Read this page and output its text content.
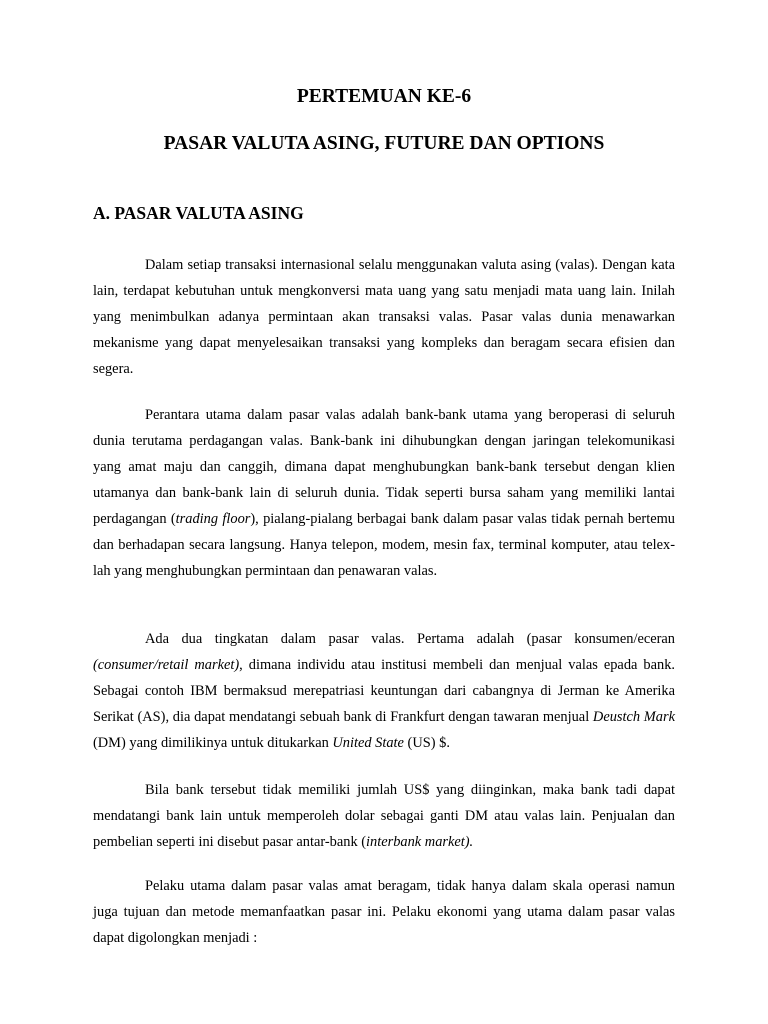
PERTEMUAN KE-6
PASAR VALUTA ASING, FUTURE DAN OPTIONS
A. PASAR VALUTA ASING

Dalam setiap transaksi internasional selalu menggunakan valuta asing (valas). Dengan kata lain, terdapat kebutuhan untuk mengkonversi mata uang yang satu menjadi mata uang lain. Inilah yang menimbulkan adanya permintaan akan transaksi valas. Pasar valas dunia menawarkan mekanisme yang dapat menyelesaikan transaksi yang kompleks dan beragam secara efisien dan segera.

Perantara utama dalam pasar valas adalah bank-bank utama yang beroperasi di seluruh dunia terutama perdagangan valas. Bank-bank ini dihubungkan dengan jaringan telekomunikasi yang amat maju dan canggih, dimana dapat menghubungkan bank-bank tersebut dengan klien utamanya dan bank-bank lain di seluruh dunia. Tidak seperti bursa saham yang memiliki lantai perdagangan (trading floor), pialang-pialang berbagai bank dalam pasar valas tidak pernah bertemu dan berhadapan secara langsung. Hanya telepon, modem, mesin fax, terminal komputer, atau telex-lah yang menghubungkan permintaan dan penawaran valas.

Ada dua tingkatan dalam pasar valas. Pertama adalah (pasar konsumen/eceran (consumer/retail market), dimana individu atau institusi membeli dan menjual valas epada bank. Sebagai contoh IBM bermaksud merepatriasi keuntungan dari cabangnya di Jerman ke Amerika Serikat (AS), dia dapat mendatangi sebuah bank di Frankfurt dengan tawaran menjual Deustch Mark (DM) yang dimilikinya untuk ditukarkan United State (US) $.

Bila bank tersebut tidak memiliki jumlah US$ yang diinginkan, maka bank tadi dapat mendatangi bank lain untuk memperoleh dolar sebagai ganti DM atau valas lain. Penjualan dan pembelian seperti ini disebut pasar antar-bank (interbank market).

Pelaku utama dalam pasar valas amat beragam, tidak hanya dalam skala operasi namun juga tujuan dan metode memanfaatkan pasar ini. Pelaku ekonomi yang utama dalam pasar valas dapat digolongkan menjadi :
